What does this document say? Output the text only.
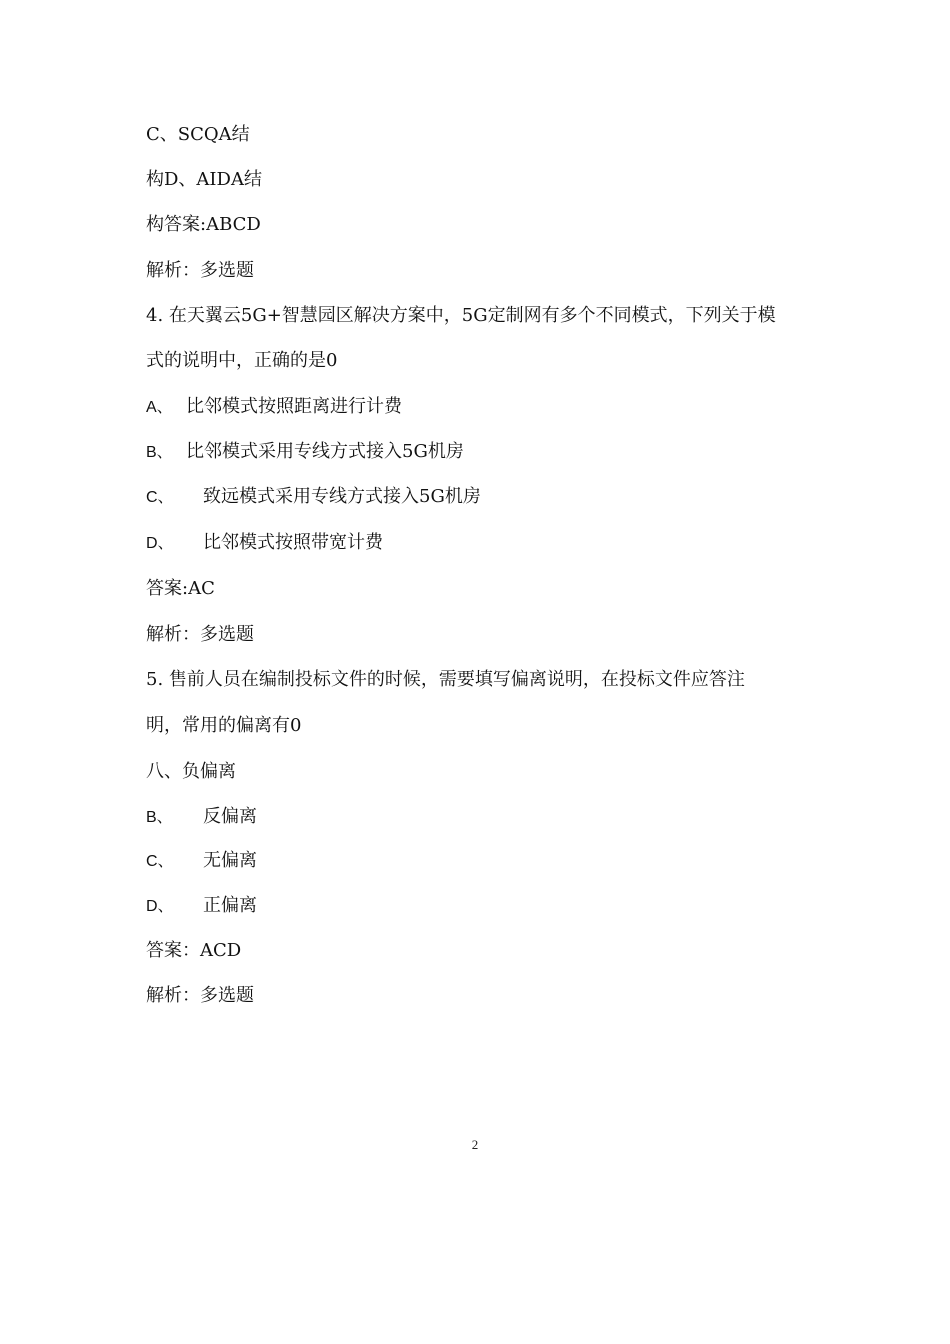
C、SCQA结
构D、AIDA结
构答案:ABCD
解析：多选题
4. 在天翼云5G+智慧园区解决方案中，5G定制网有多个不同模式，下列关于模
式的说明中，正确的是0
A、 比邻模式按照距离进行计费
B、 比邻模式采用专线方式接入5G机房
C、 致远模式采用专线方式接入5G机房
D、 比邻模式按照带宽计费
答案:AC
解析：多选题
5. 售前人员在编制投标文件的时候，需要填写偏离说明，在投标文件应答注
明，常用的偏离有0
八、负偏离
B、 反偏离
C、 无偏离
D、 正偏离
答案：ACD
解析：多选题
2
